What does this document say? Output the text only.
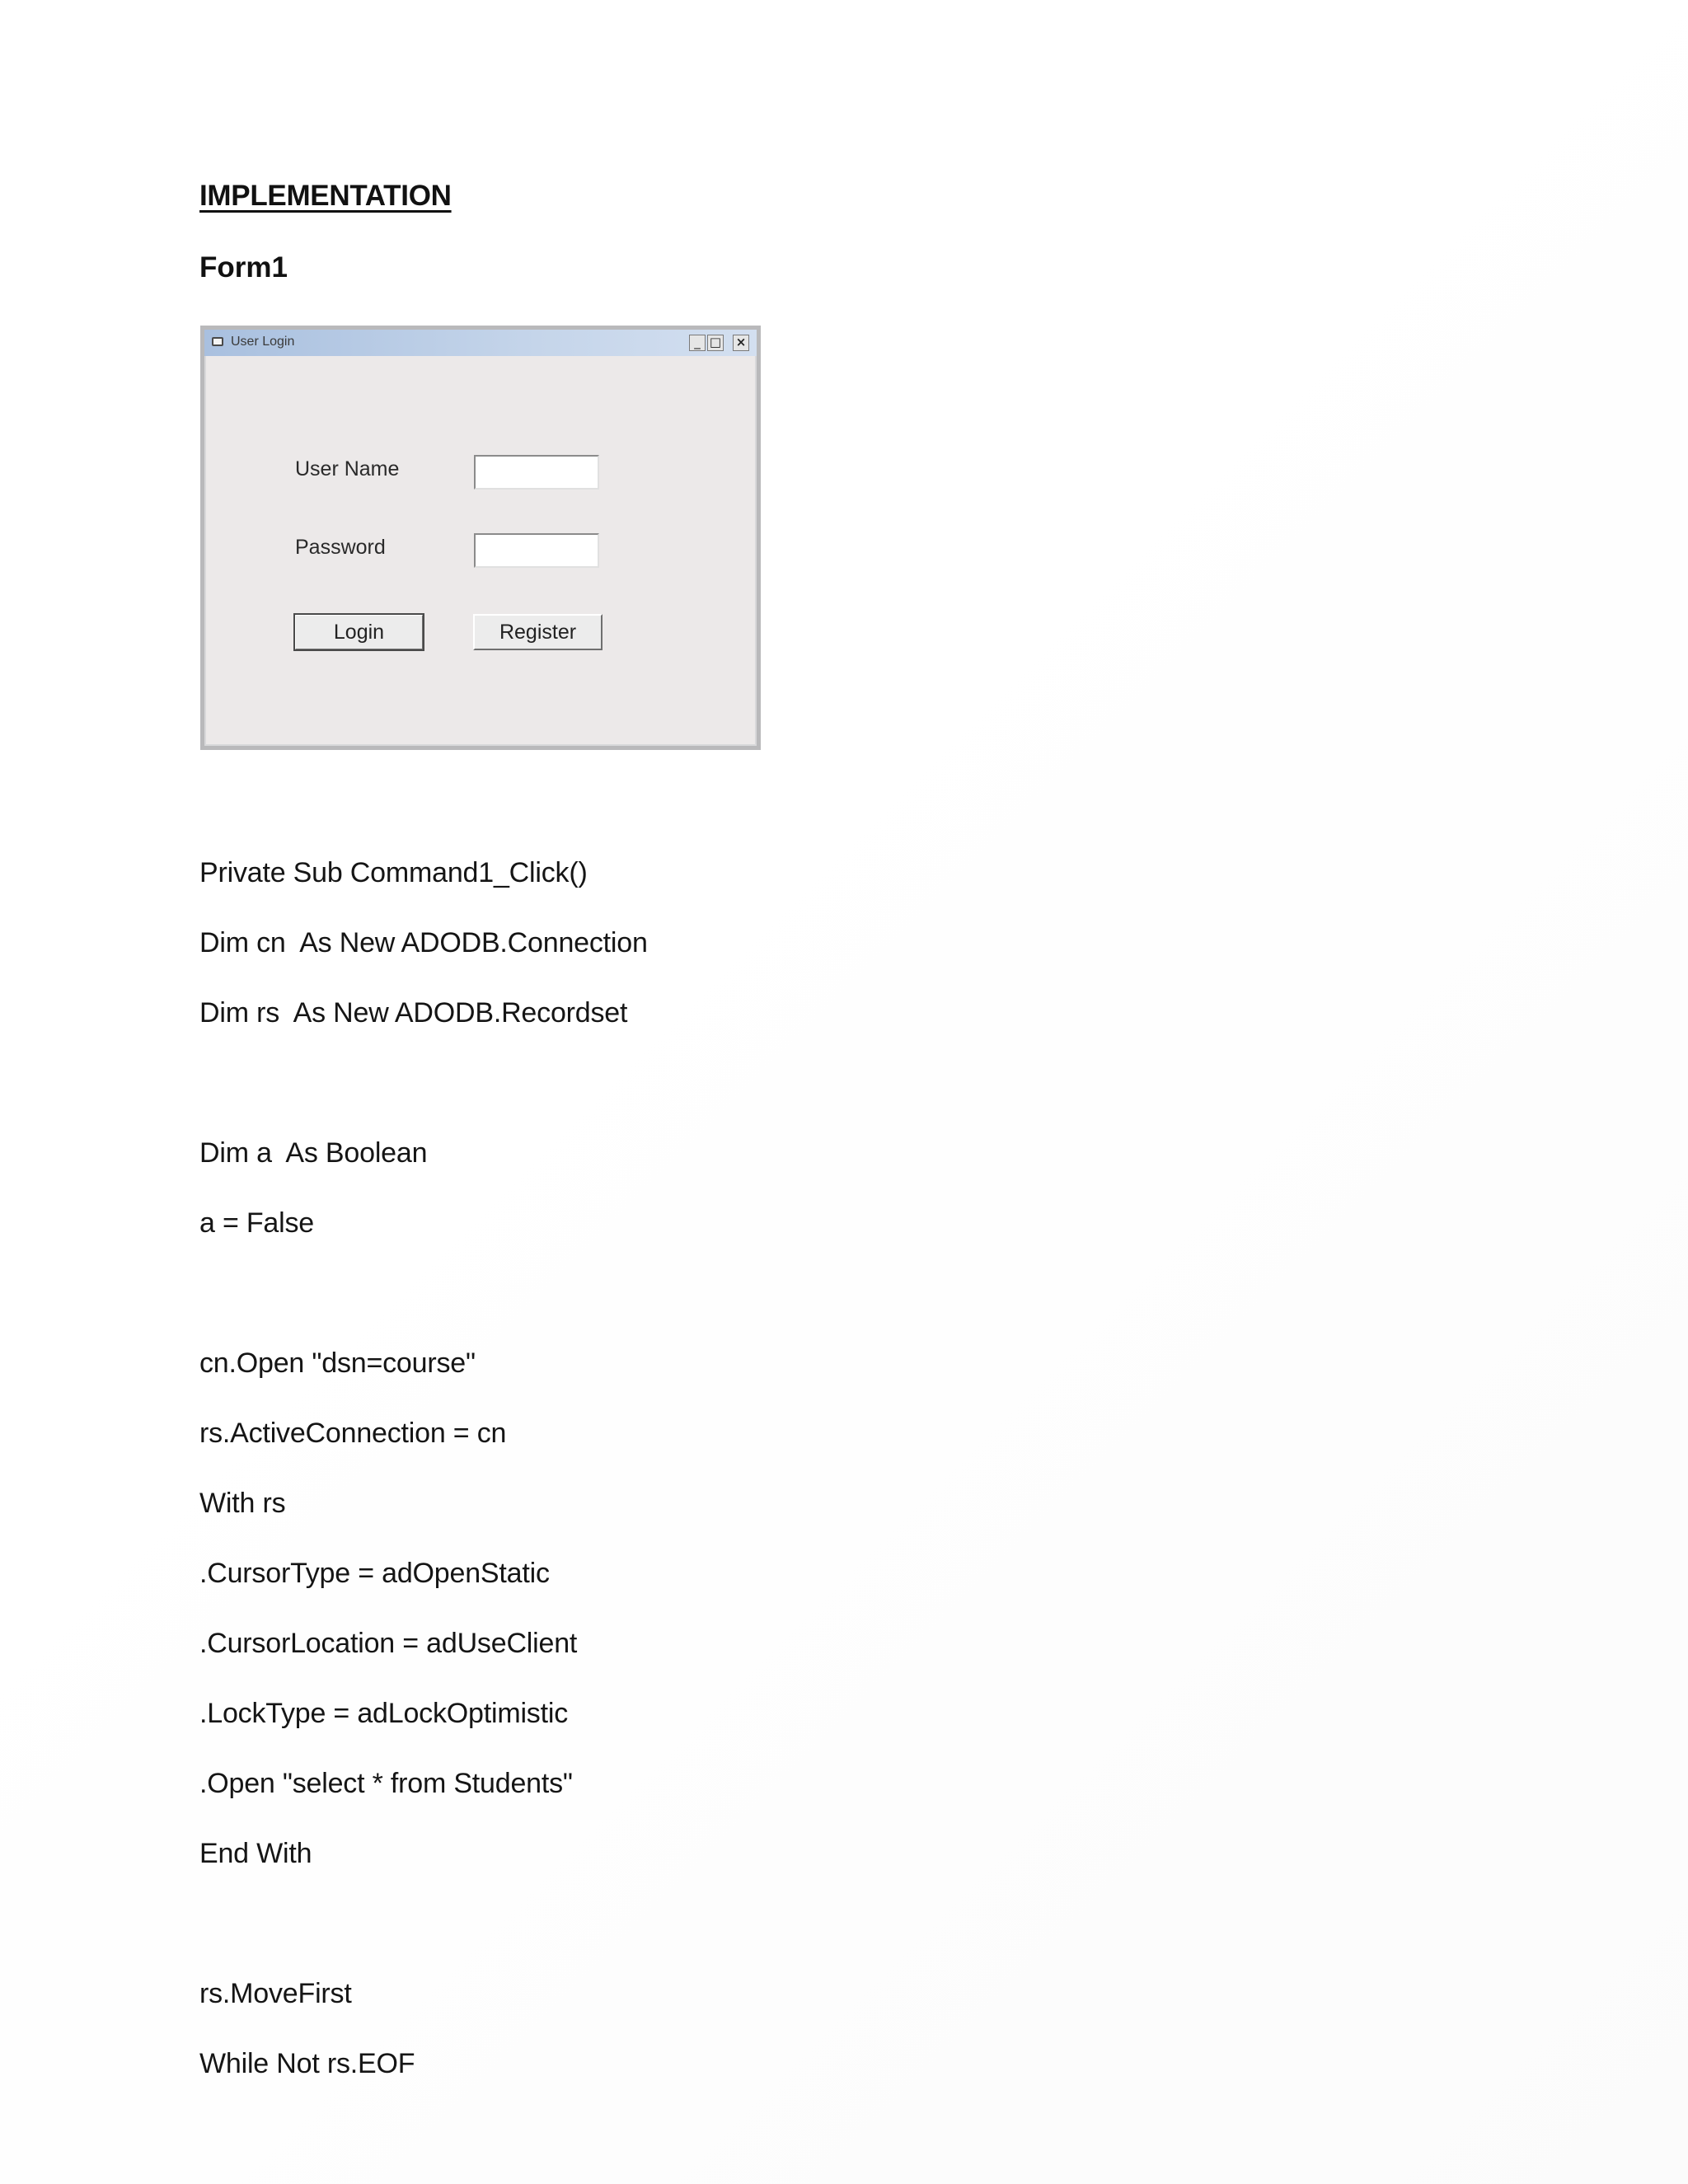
IMPLEMENTATION
Form1
User Login	_ □ ×
User Name
Password
Login	Register

Private Sub Command1_Click()

Dim cn  As New ADODB.Connection

Dim rs  As New ADODB.Recordset

Dim a  As Boolean

a = False

cn.Open "dsn=course"

rs.ActiveConnection = cn

With rs

.CursorType = adOpenStatic

.CursorLocation = adUseClient

.LockType = adLockOptimistic

.Open "select * from Students"

End With

rs.MoveFirst

While Not rs.EOF
